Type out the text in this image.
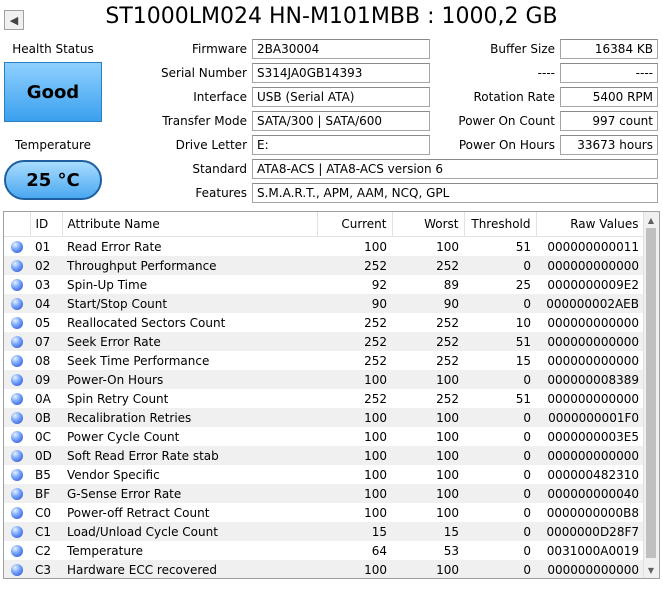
◀	ST1000LM024 HN-M101MBB : 1000,2 GB
Health Status
Good
Temperature
25 °C
Firmware 2BA30004
Serial Number S314JA0GB14393
Interface USB (Serial ATA)
Transfer Mode SATA/300 | SATA/600
Drive Letter E:
Buffer Size	16384 KB
----	----
Rotation Rate	5400 RPM
Power On Count	997 count
Power On Hours	33673 hours
Standard ATA8-ACS | ATA8-ACS version 6
Features S.M.A.R.T., APM, AAM, NCQ, GPL
	ID	Attribute Name	Current	Worst	Threshold	Raw Values
	01	Read Error Rate	100	100	51	000000000011
	02	Throughput Performance	252	252	0	000000000000
	03	Spin-Up Time	92	89	25	0000000009E2
	04	Start/Stop Count	90	90	0	000000002AEB
	05	Reallocated Sectors Count	252	252	10	000000000000
	07	Seek Error Rate	252	252	51	000000000000
	08	Seek Time Performance	252	252	15	000000000000
	09	Power-On Hours	100	100	0	000000008389
	0A	Spin Retry Count	252	252	51	000000000000
	0B	Recalibration Retries	100	100	0	0000000001F0
	0C	Power Cycle Count	100	100	0	0000000003E5
	0D	Soft Read Error Rate stab	100	100	0	000000000000
	B5	Vendor Specific	100	100	0	000000482310
	BF	G-Sense Error Rate	100	100	0	000000000040
	C0	Power-off Retract Count	100	100	0	0000000000B8
	C1	Load/Unload Cycle Count	15	15	0	0000000D28F7
	C2	Temperature	64	53	0	0031000A0019
	C3	Hardware ECC recovered	100	100	0	000000000000
▲
▼
